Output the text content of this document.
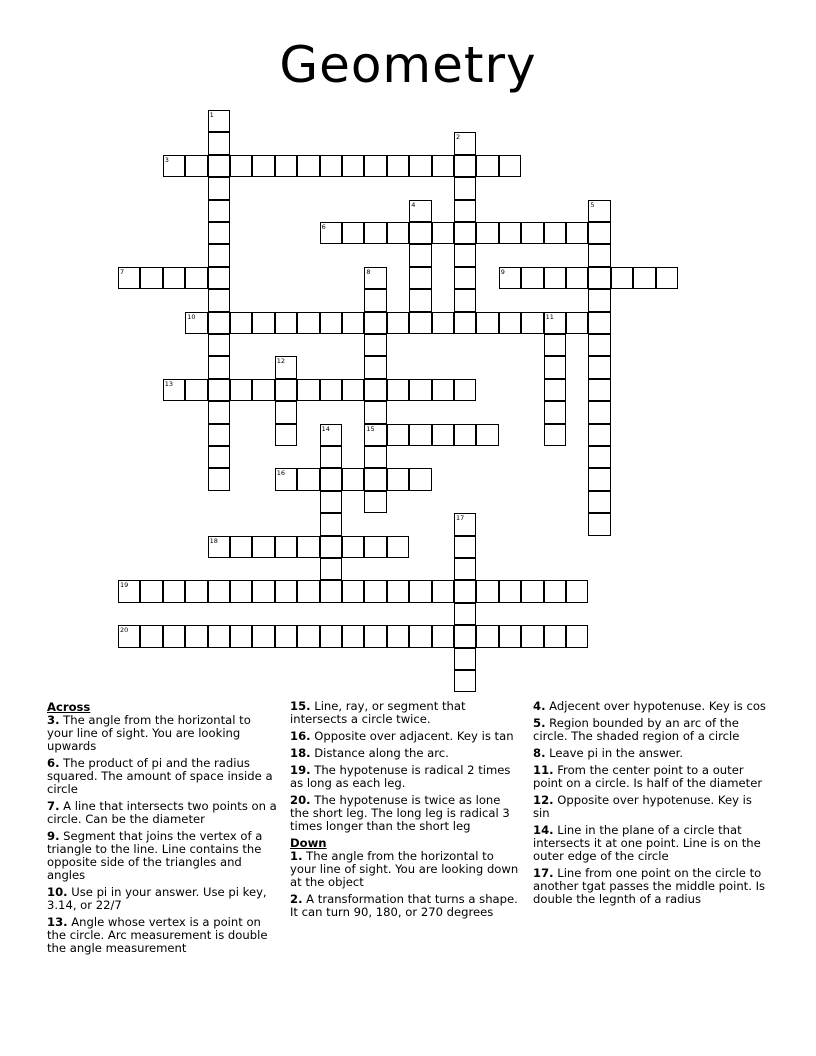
Geometry
1
2
3
4	5
6
7	8
15
9
10	11
12
13
14
16
17
18
19
20
Across
3. The angle from the horizontal to your line of sight. You are looking upwards
6. The product of pi and the radius squared. The amount of space inside a circle
7. A line that intersects two points on a circle. Can be the diameter
9. Segment that joins the vertex of a triangle to the line. Line contains the opposite side of the triangles and angles
10. Use pi in your answer. Use pi key, 3.14, or 22/7
13. Angle whose vertex is a point on the circle. Arc measurement is double the angle measurement
15. Line, ray, or segment that intersects a circle twice.
16. Opposite over adjacent. Key is tan
18. Distance along the arc.
19. The hypotenuse is radical 2 times as long as each leg.
20. The hypotenuse is twice as lone the short leg. The long leg is radical 3 times longer than the short leg
Down
1. The angle from the horizontal to your line of sight. You are looking down at the object
2. A transformation that turns a shape. It can turn 90, 180, or 270 degrees
4. Adjecent over hypotenuse. Key is cos
5. Region bounded by an arc of the circle. The shaded region of a circle
8. Leave pi in the answer.
11. From the center point to a outer point on a circle. Is half of the diameter
12. Opposite over hypotenuse. Key is sin
14. Line in the plane of a circle that intersects it at one point. Line is on the outer edge of the circle
17. Line from one point on the circle to another tgat passes the middle point. Is double the legnth of a radius
